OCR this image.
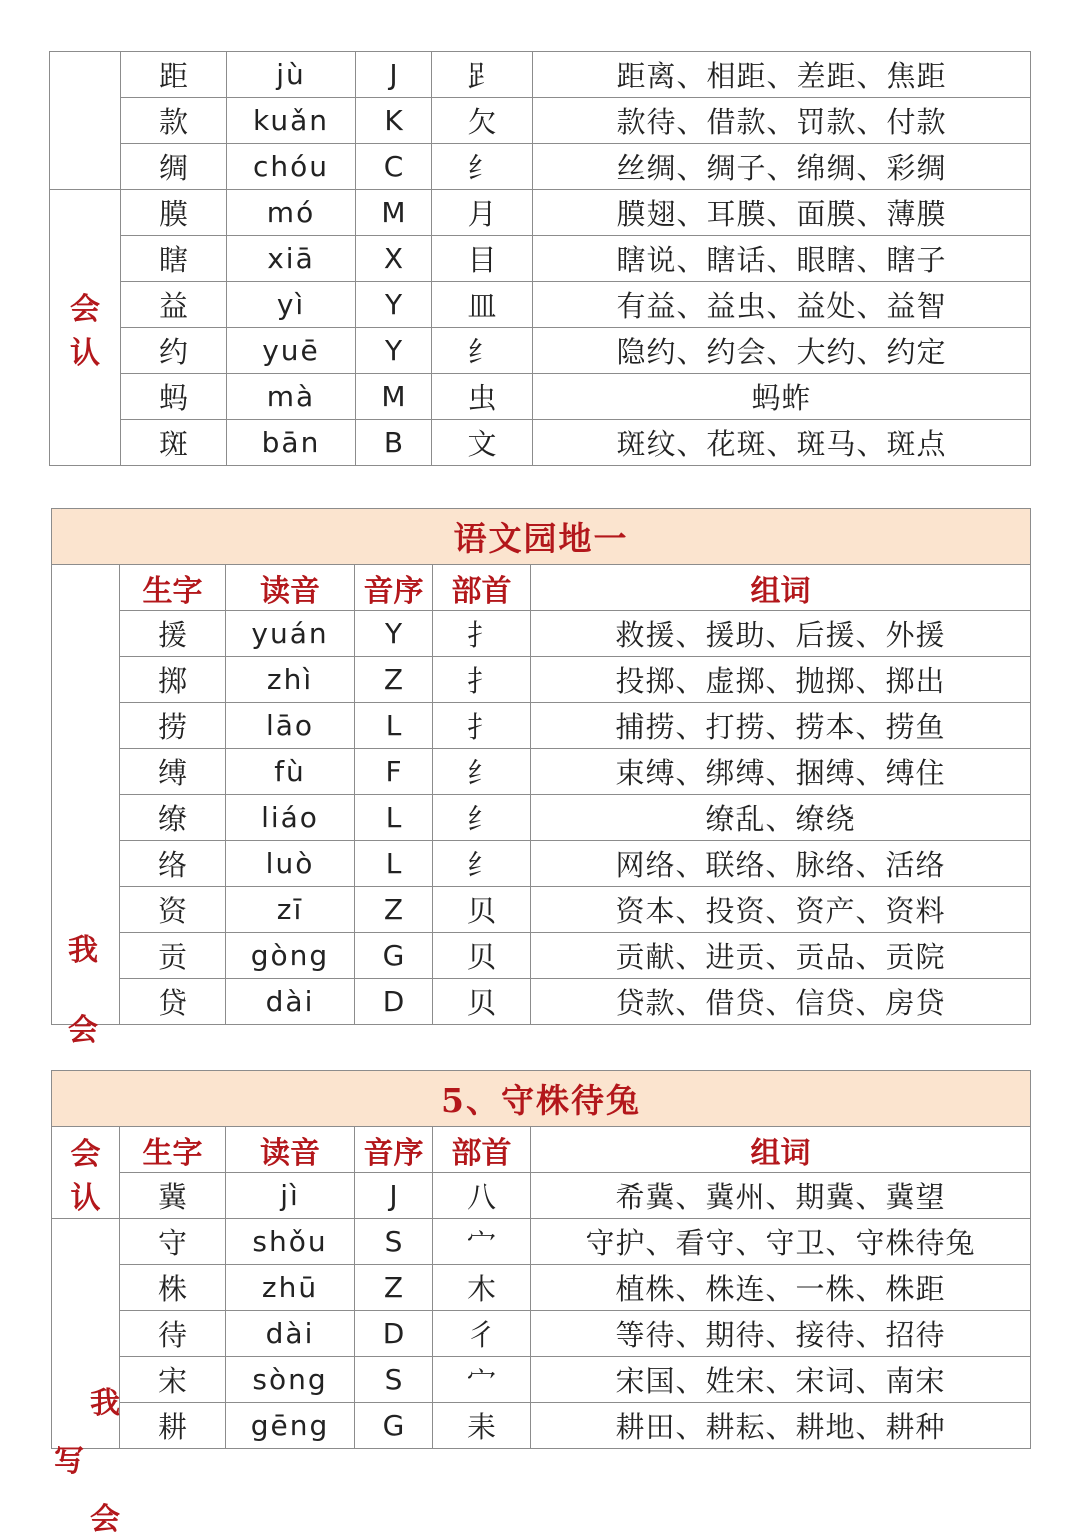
	距	jù	J	𧾷	距离、相距、差距、焦距
	款	kuǎn	K	欠	款待、借款、罚款、付款
	绸	chóu	C	纟	丝绸、绸子、绵绸、彩绸

会
认	膜	mó	M	月	膜翅、耳膜、面膜、薄膜
	瞎	xiā	X	目	瞎说、瞎话、眼瞎、瞎子
	益	yì	Y	皿	有益、益虫、益处、益智
	约	yuē	Y	纟	隐约、约会、大约、约定
	蚂	mà	M	虫	蚂蚱
	斑	bān	B	文	斑纹、花斑、斑马、斑点
语文园地一					

我
会	生字	读音	音序	部首	组词
	援	yuán	Y	扌	救援、援助、后援、外援
	掷	zhì	Z	扌	投掷、虚掷、抛掷、掷出
	捞	lāo	L	扌	捕捞、打捞、捞本、捞鱼
	缚	fù	F	纟	束缚、绑缚、捆缚、缚住
	缭	liáo	L	纟	缭乱、缭绕
	络	luò	L	纟	网络、联络、脉络、活络
	资	zī	Z	贝	资本、投资、资产、资料
	贡	gòng	G	贝	贡献、进贡、贡品、贡院
	贷	dài	D	贝	贷款、借贷、信贷、房贷
5、守株待兔					

会
认	生字	读音	音序	部首	组词
	冀	jì	J	八	希冀、冀州、期冀、冀望

我
写
会	守	shǒu	S	宀	守护、看守、守卫、守株待兔
	株	zhū	Z	木	植株、株连、一株、株距
	待	dài	D	彳	等待、期待、接待、招待
	宋	sòng	S	宀	宋国、姓宋、宋词、南宋
	耕	gēng	G	耒	耕田、耕耘、耕地、耕种
